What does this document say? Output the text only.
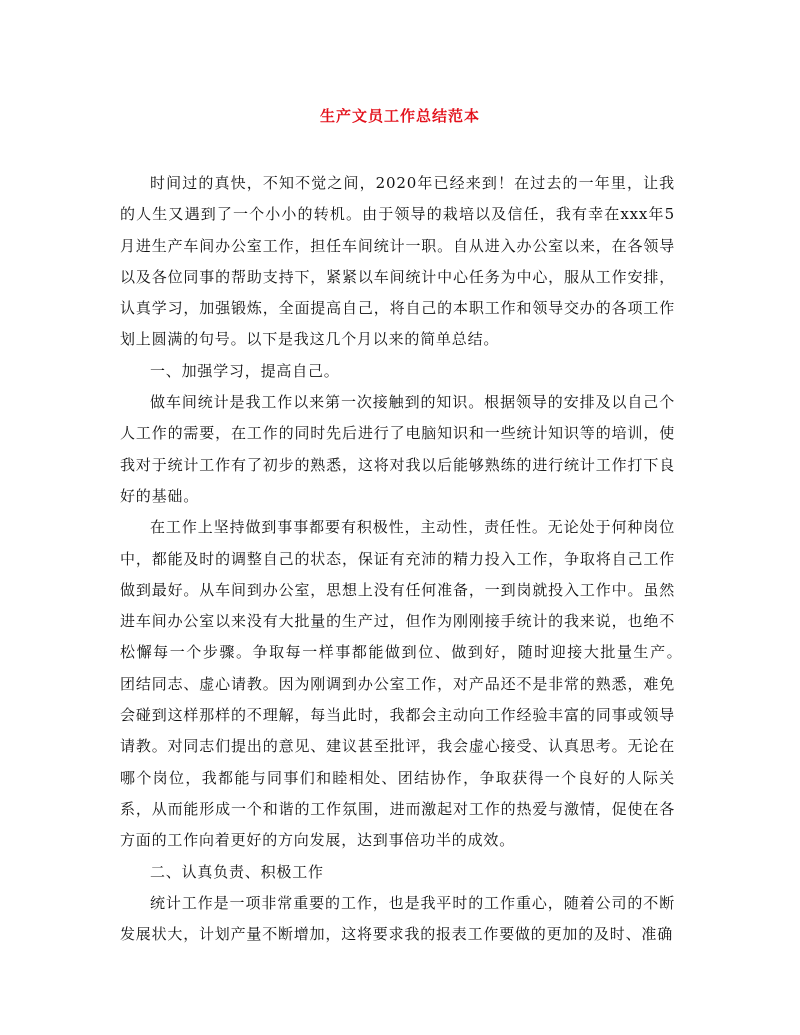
生产文员工作总结范本

时间过的真快，不知不觉之间，2020年已经来到！在过去的一年里，让我的人生又遇到了一个小小的转机。由于领导的栽培以及信任，我有幸在xxx年5月进生产车间办公室工作，担任车间统计一职。自从进入办公室以来，在各领导以及各位同事的帮助支持下，紧紧以车间统计中心任务为中心，服从工作安排，认真学习，加强锻炼，全面提高自己，将自己的本职工作和领导交办的各项工作划上圆满的句号。以下是我这几个月以来的简单总结。

一、加强学习，提高自己。

做车间统计是我工作以来第一次接触到的知识。根据领导的安排及以自己个人工作的需要，在工作的同时先后进行了电脑知识和一些统计知识等的培训，使我对于统计工作有了初步的熟悉，这将对我以后能够熟练的进行统计工作打下良好的基础。

在工作上坚持做到事事都要有积极性，主动性，责任性。无论处于何种岗位中，都能及时的调整自己的状态，保证有充沛的精力投入工作，争取将自己工作做到最好。从车间到办公室，思想上没有任何准备，一到岗就投入工作中。虽然进车间办公室以来没有大批量的生产过，但作为刚刚接手统计的我来说，也绝不松懈每一个步骤。争取每一样事都能做到位、做到好，随时迎接大批量生产。　团结同志、虚心请教。因为刚调到办公室工作，对产品还不是非常的熟悉，难免会碰到这样那样的不理解，每当此时，我都会主动向工作经验丰富的同事或领导请教。对同志们提出的意见、建议甚至批评，我会虚心接受、认真思考。无论在哪个岗位，我都能与同事们和睦相处、团结协作，争取获得一个良好的人际关系，从而能形成一个和谐的工作氛围，进而激起对工作的热爱与激情，促使在各方面的工作向着更好的方向发展，达到事倍功半的成效。

二、认真负责、积极工作

统计工作是一项非常重要的工作，也是我平时的工作重心，随着公司的不断发展状大，计划产量不断增加，这将要求我的报表工作要做的更加的及时、准确
